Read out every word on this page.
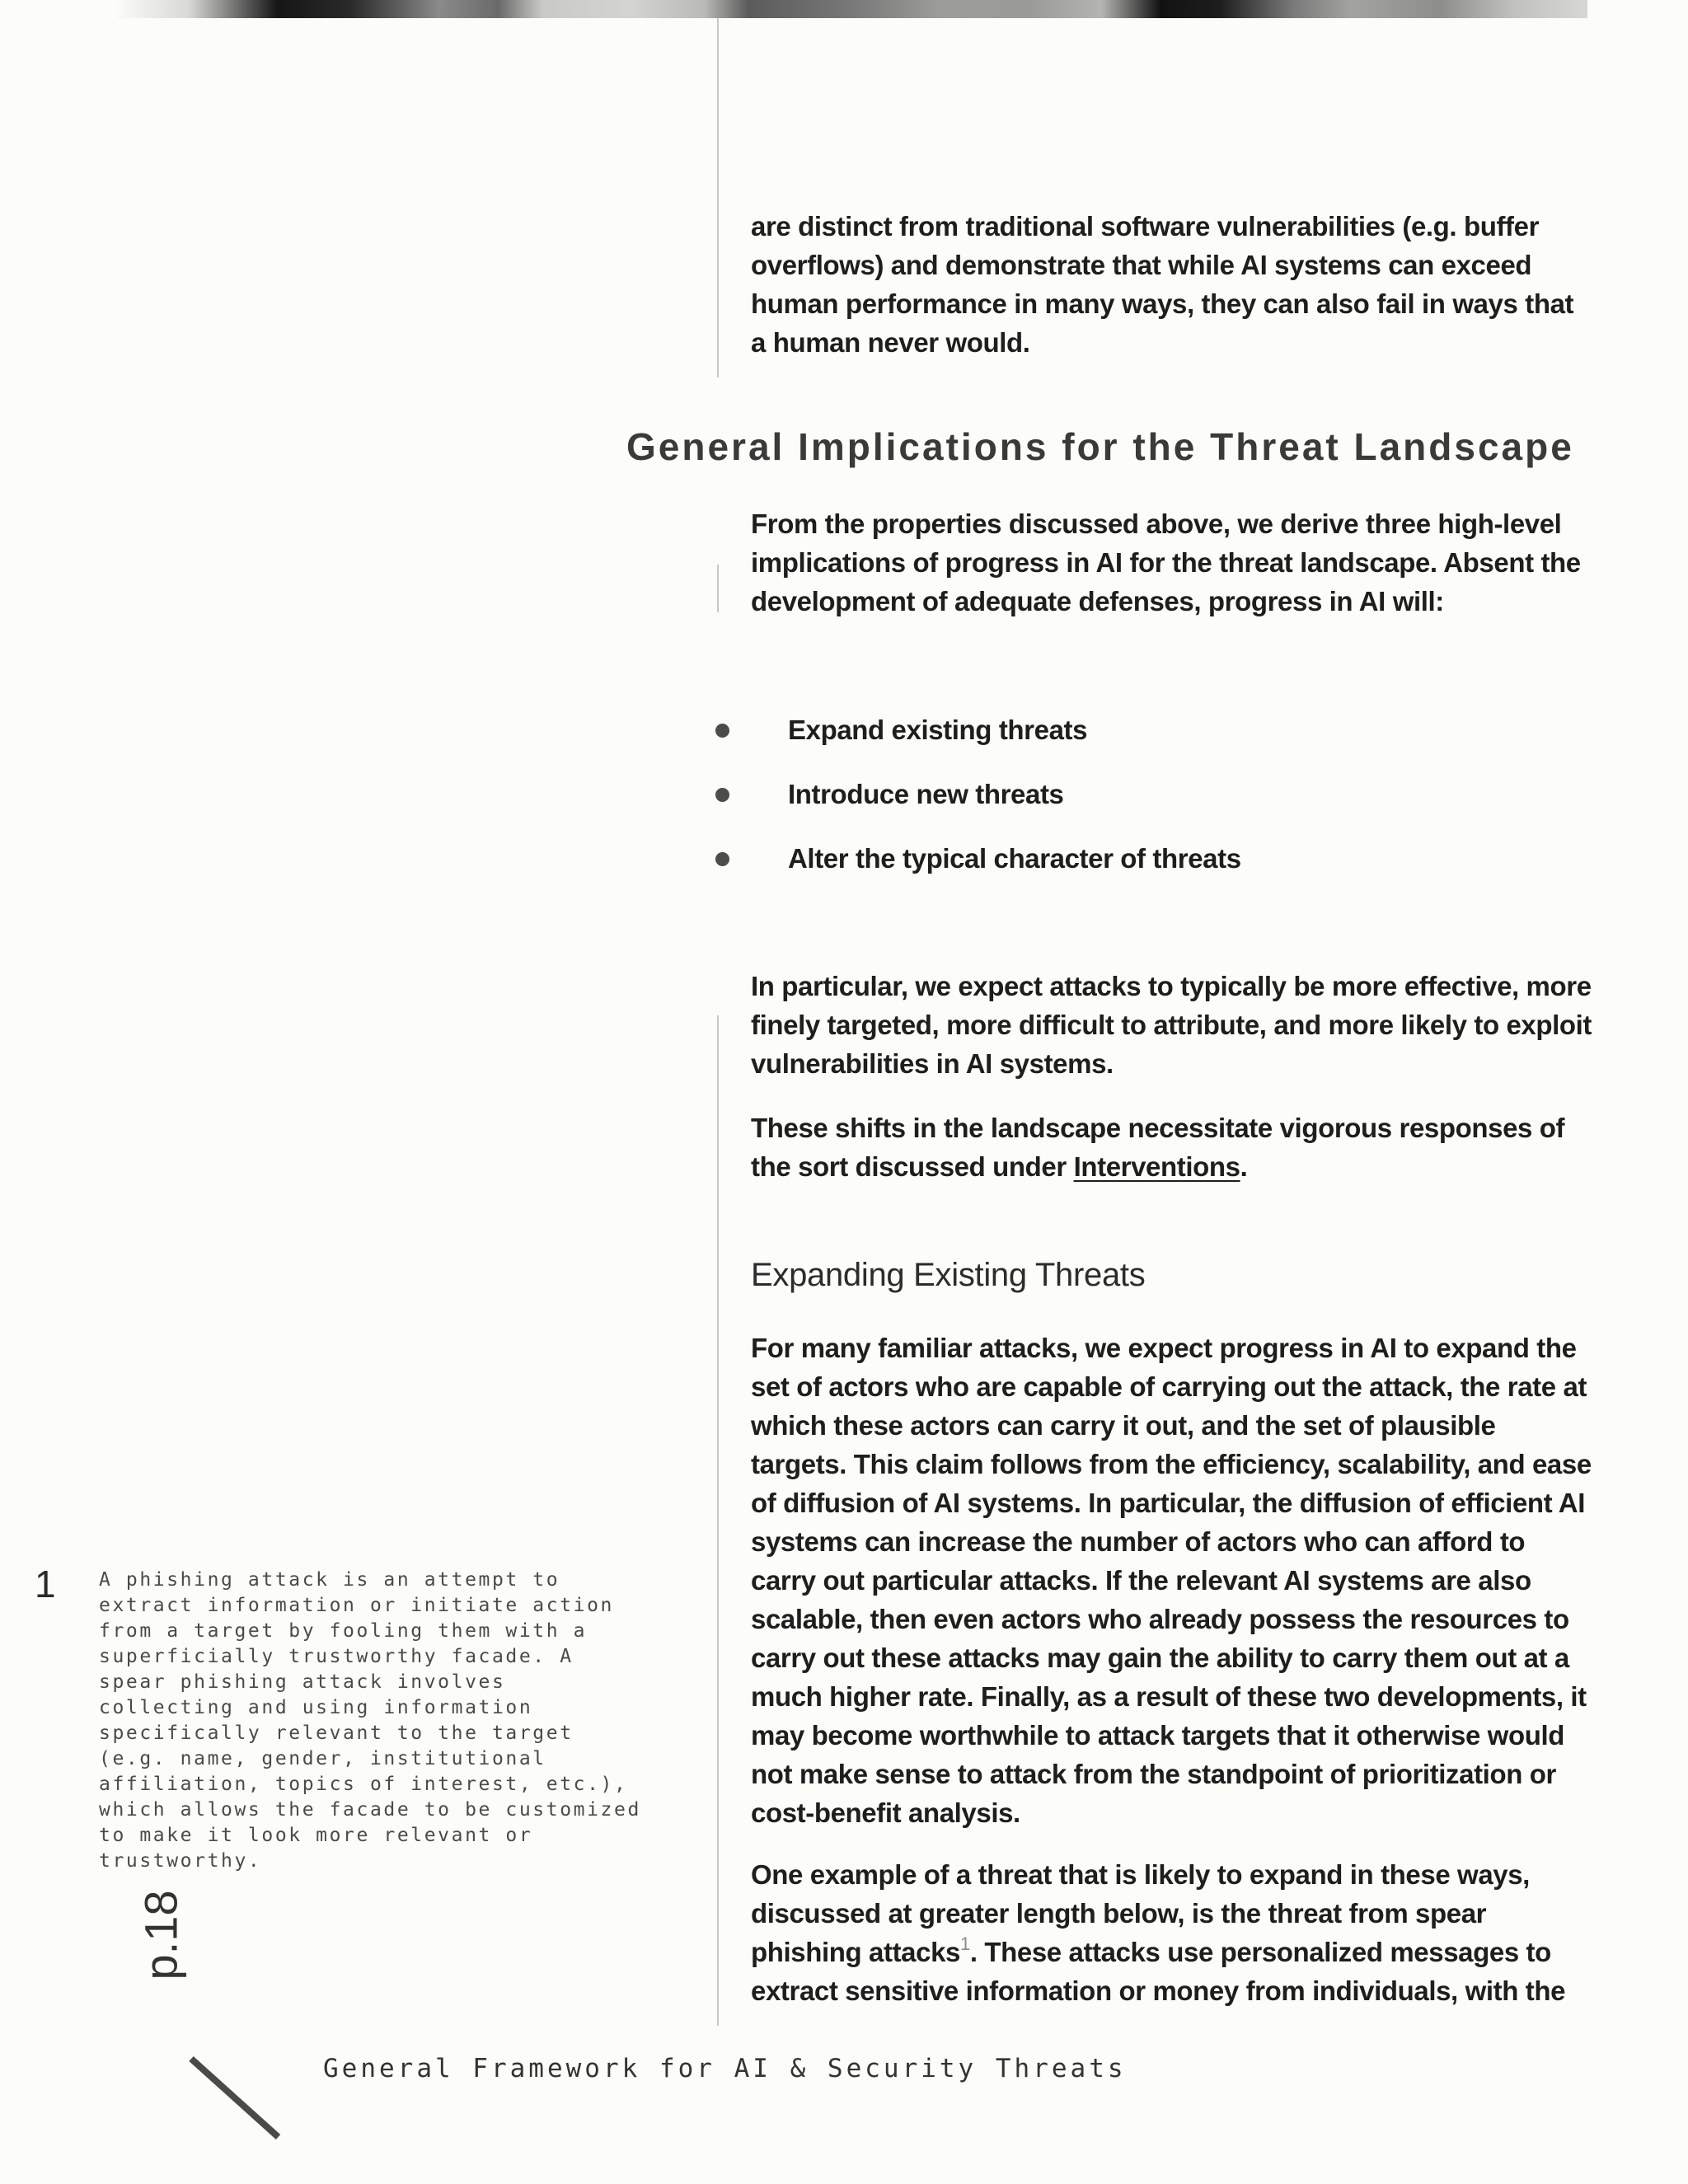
are distinct from traditional software vulnerabilities (e.g. buffer overflows) and demonstrate that while AI systems can exceed human performance in many ways, they can also fail in ways that a human never would.

General Implications for the Threat Landscape

From the properties discussed above, we derive three high-level implications of progress in AI for the threat landscape. Absent the development of adequate defenses, progress in AI will:

Expand existing threats
Introduce new threats
Alter the typical character of threats

In particular, we expect attacks to typically be more effective, more finely targeted, more difficult to attribute, and more likely to exploit vulnerabilities in AI systems.

These shifts in the landscape necessitate vigorous responses of the sort discussed under Interventions.

Expanding Existing Threats

For many familiar attacks, we expect progress in AI to expand the set of actors who are capable of carrying out the attack, the rate at which these actors can carry it out, and the set of plausible targets. This claim follows from the efficiency, scalability, and ease of diffusion of AI systems. In particular, the diffusion of efficient AI systems can increase the number of actors who can afford to carry out particular attacks. If the relevant AI systems are also scalable, then even actors who already possess the resources to carry out these attacks may gain the ability to carry them out at a much higher rate. Finally, as a result of these two developments, it may become worthwhile to attack targets that it otherwise would not make sense to attack from the standpoint of prioritization or cost-benefit analysis.

One example of a threat that is likely to expand in these ways, discussed at greater length below, is the threat from spear phishing attacks$^1$. These attacks use personalized messages to extract sensitive information or money from individuals, with the

1 A phishing attack is an attempt to extract information or initiate action from a target by fooling them with a superficially trustworthy facade. A spear phishing attack involves collecting and using information specifically relevant to the target (e.g. name, gender, institutional affiliation, topics of interest, etc.), which allows the facade to be customized to make it look more relevant or trustworthy.

p.18

General Framework for AI & Security Threats
